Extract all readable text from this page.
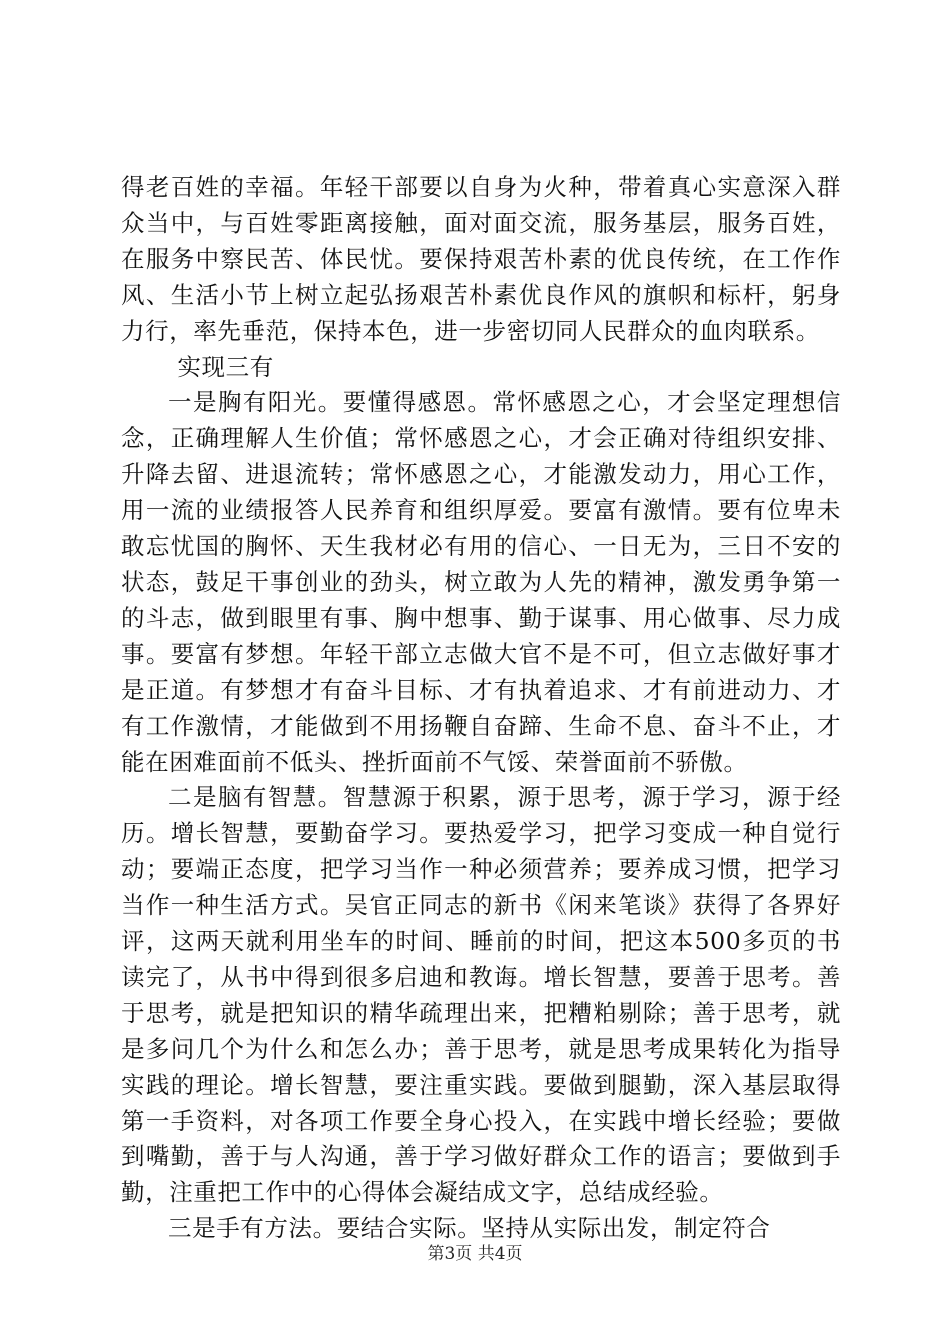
得老百姓的幸福。年轻干部要以自身为火种，带着真心实意深入群众当中，与百姓零距离接触，面对面交流，服务基层，服务百姓，在服务中察民苦、体民忧。要保持艰苦朴素的优良传统，在工作作风、生活小节上树立起弘扬艰苦朴素优良作风的旗帜和标杆，躬身力行，率先垂范，保持本色，进一步密切同人民群众的血肉联系。

实现三有

一是胸有阳光。要懂得感恩。常怀感恩之心，才会坚定理想信念，正确理解人生价值；常怀感恩之心，才会正确对待组织安排、升降去留、进退流转；常怀感恩之心，才能激发动力，用心工作，用一流的业绩报答人民养育和组织厚爱。要富有激情。要有位卑未敢忘忧国的胸怀、天生我材必有用的信心、一日无为，三日不安的状态，鼓足干事创业的劲头，树立敢为人先的精神，激发勇争第一的斗志，做到眼里有事、胸中想事、勤于谋事、用心做事、尽力成事。要富有梦想。年轻干部立志做大官不是不可，但立志做好事才是正道。有梦想才有奋斗目标、才有执着追求、才有前进动力、才有工作激情，才能做到不用扬鞭自奋蹄、生命不息、奋斗不止，才能在困难面前不低头、挫折面前不气馁、荣誉面前不骄傲。

二是脑有智慧。智慧源于积累，源于思考，源于学习，源于经历。增长智慧，要勤奋学习。要热爱学习，把学习变成一种自觉行动；要端正态度，把学习当作一种必须营养；要养成习惯，把学习当作一种生活方式。吴官正同志的新书《闲来笔谈》获得了各界好评，这两天就利用坐车的时间、睡前的时间，把这本500多页的书读完了，从书中得到很多启迪和教诲。增长智慧，要善于思考。善于思考，就是把知识的精华疏理出来，把糟粕剔除；善于思考，就是多问几个为什么和怎么办；善于思考，就是思考成果转化为指导实践的理论。增长智慧，要注重实践。要做到腿勤，深入基层取得第一手资料，对各项工作要全身心投入，在实践中增长经验；要做到嘴勤，善于与人沟通，善于学习做好群众工作的语言；要做到手勤，注重把工作中的心得体会凝结成文字，总结成经验。

三是手有方法。要结合实际。坚持从实际出发，制定符合

第3页 共4页
